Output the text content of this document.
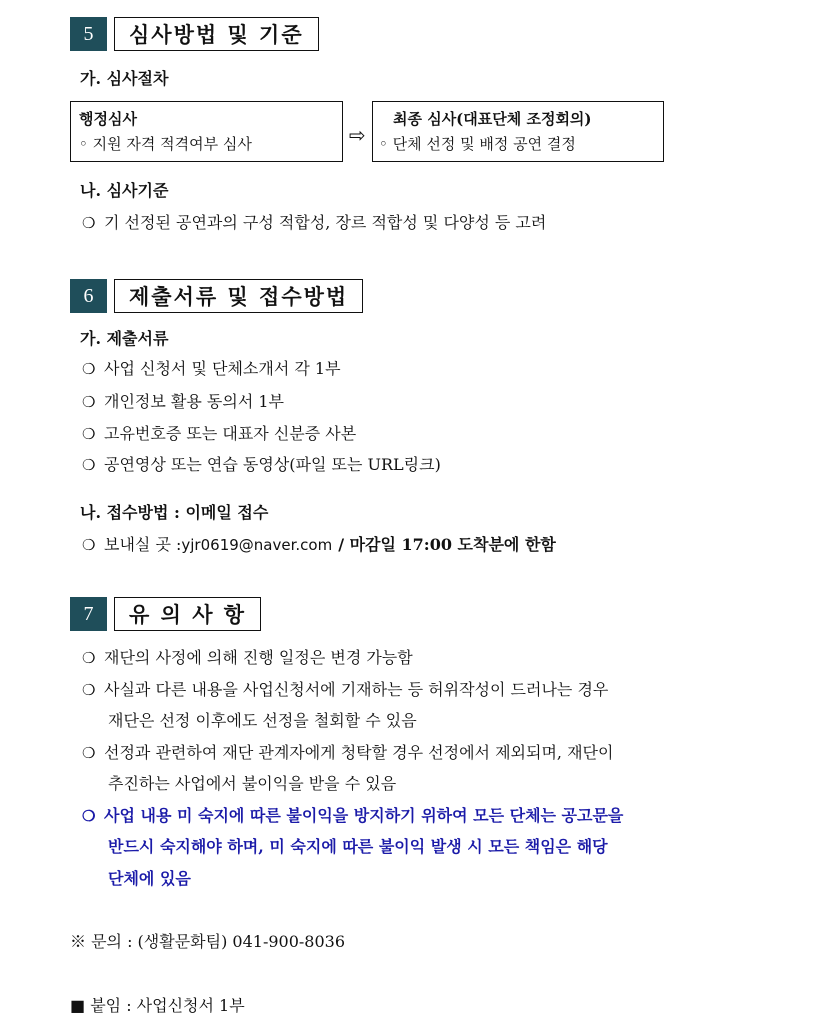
5	심사방법 및 기준
가. 심사절차
행정심사
◦ 지원 자격 적격여부 심사	⇨
최종 심사(대표단체 조정회의)
◦ 단체 선정 및 배정 공연 결정
나. 심사기준
❍ 기 선정된 공연과의 구성 적합성, 장르 적합성 및 다양성 등 고려
6	제출서류 및 접수방법
가. 제출서류
❍ 사업 신청서 및 단체소개서 각 1부
❍ 개인정보 활용 동의서 1부
❍ 고유번호증 또는 대표자 신분증 사본
❍ 공연영상 또는 연습 동영상(파일 또는 URL링크)
나. 접수방법 : 이메일 접수
❍ 보내실 곳 : yjr0619@naver.com / 마감일 17:00 도착분에 한함
7	유 의 사 항
❍ 재단의 사정에 의해 진행 일정은 변경 가능함
❍ 사실과 다른 내용을 사업신청서에 기재하는 등 허위작성이 드러나는 경우
재단은 선정 이후에도 선정을 철회할 수 있음
❍ 선정과 관련하여 재단 관계자에게 청탁할 경우 선정에서 제외되며, 재단이
추진하는 사업에서 불이익을 받을 수 있음
❍ 사업 내용 미 숙지에 따른 불이익을 방지하기 위하여 모든 단체는 공고문을
반드시 숙지해야 하며, 미 숙지에 따른 불이익 발생 시 모든 책임은 해당
단체에 있음
※ 문의 : (생활문화팀) 041-900-8036
■ 붙임 : 사업신청서 1부
